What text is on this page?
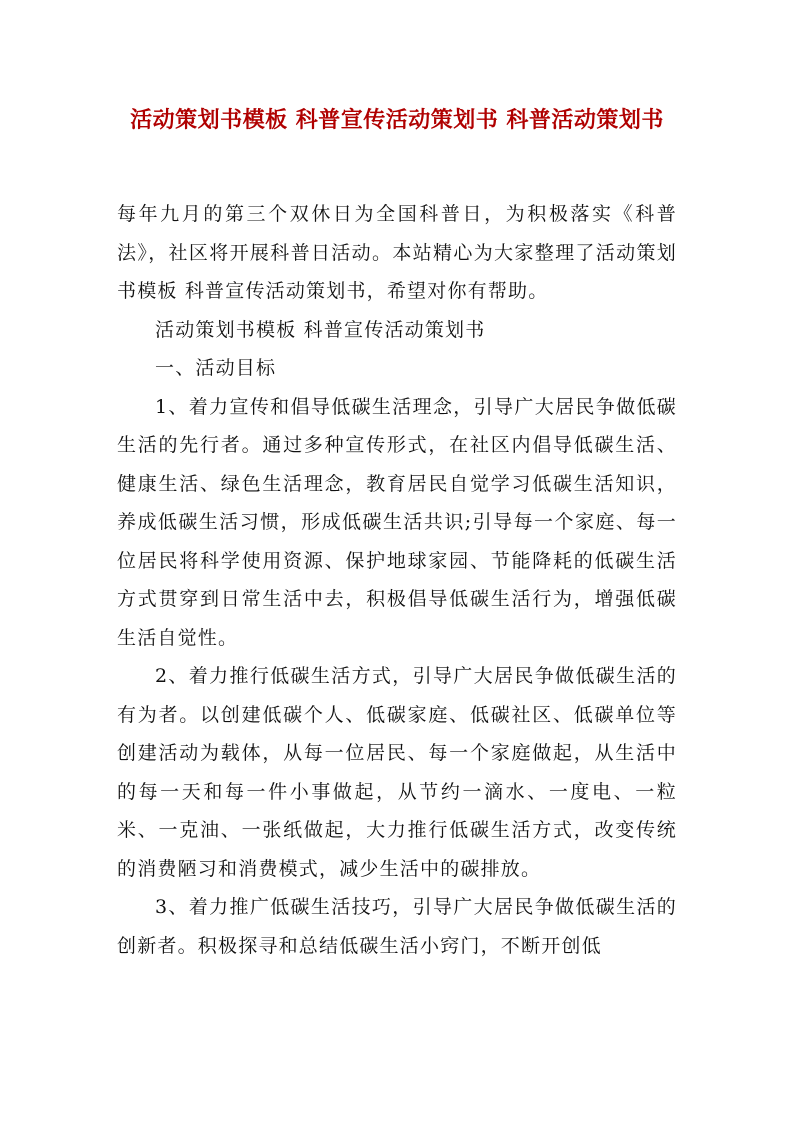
活动策划书模板 科普宣传活动策划书 科普活动策划书

每年九月的第三个双休日为全国科普日，为积极落实《科普法》，社区将开展科普日活动。本站精心为大家整理了活动策划书模板 科普宣传活动策划书，希望对你有帮助。

活动策划书模板 科普宣传活动策划书

一、活动目标

1、着力宣传和倡导低碳生活理念，引导广大居民争做低碳生活的先行者。通过多种宣传形式，在社区内倡导低碳生活、健康生活、绿色生活理念，教育居民自觉学习低碳生活知识，养成低碳生活习惯，形成低碳生活共识;引导每一个家庭、每一位居民将科学使用资源、保护地球家园、节能降耗的低碳生活方式贯穿到日常生活中去，积极倡导低碳生活行为，增强低碳生活自觉性。

2、着力推行低碳生活方式，引导广大居民争做低碳生活的有为者。以创建低碳个人、低碳家庭、低碳社区、低碳单位等创建活动为载体，从每一位居民、每一个家庭做起，从生活中的每一天和每一件小事做起，从节约一滴水、一度电、一粒米、一克油、一张纸做起，大力推行低碳生活方式，改变传统的消费陋习和消费模式，减少生活中的碳排放。

3、着力推广低碳生活技巧，引导广大居民争做低碳生活的创新者。积极探寻和总结低碳生活小窍门，不断开创低
